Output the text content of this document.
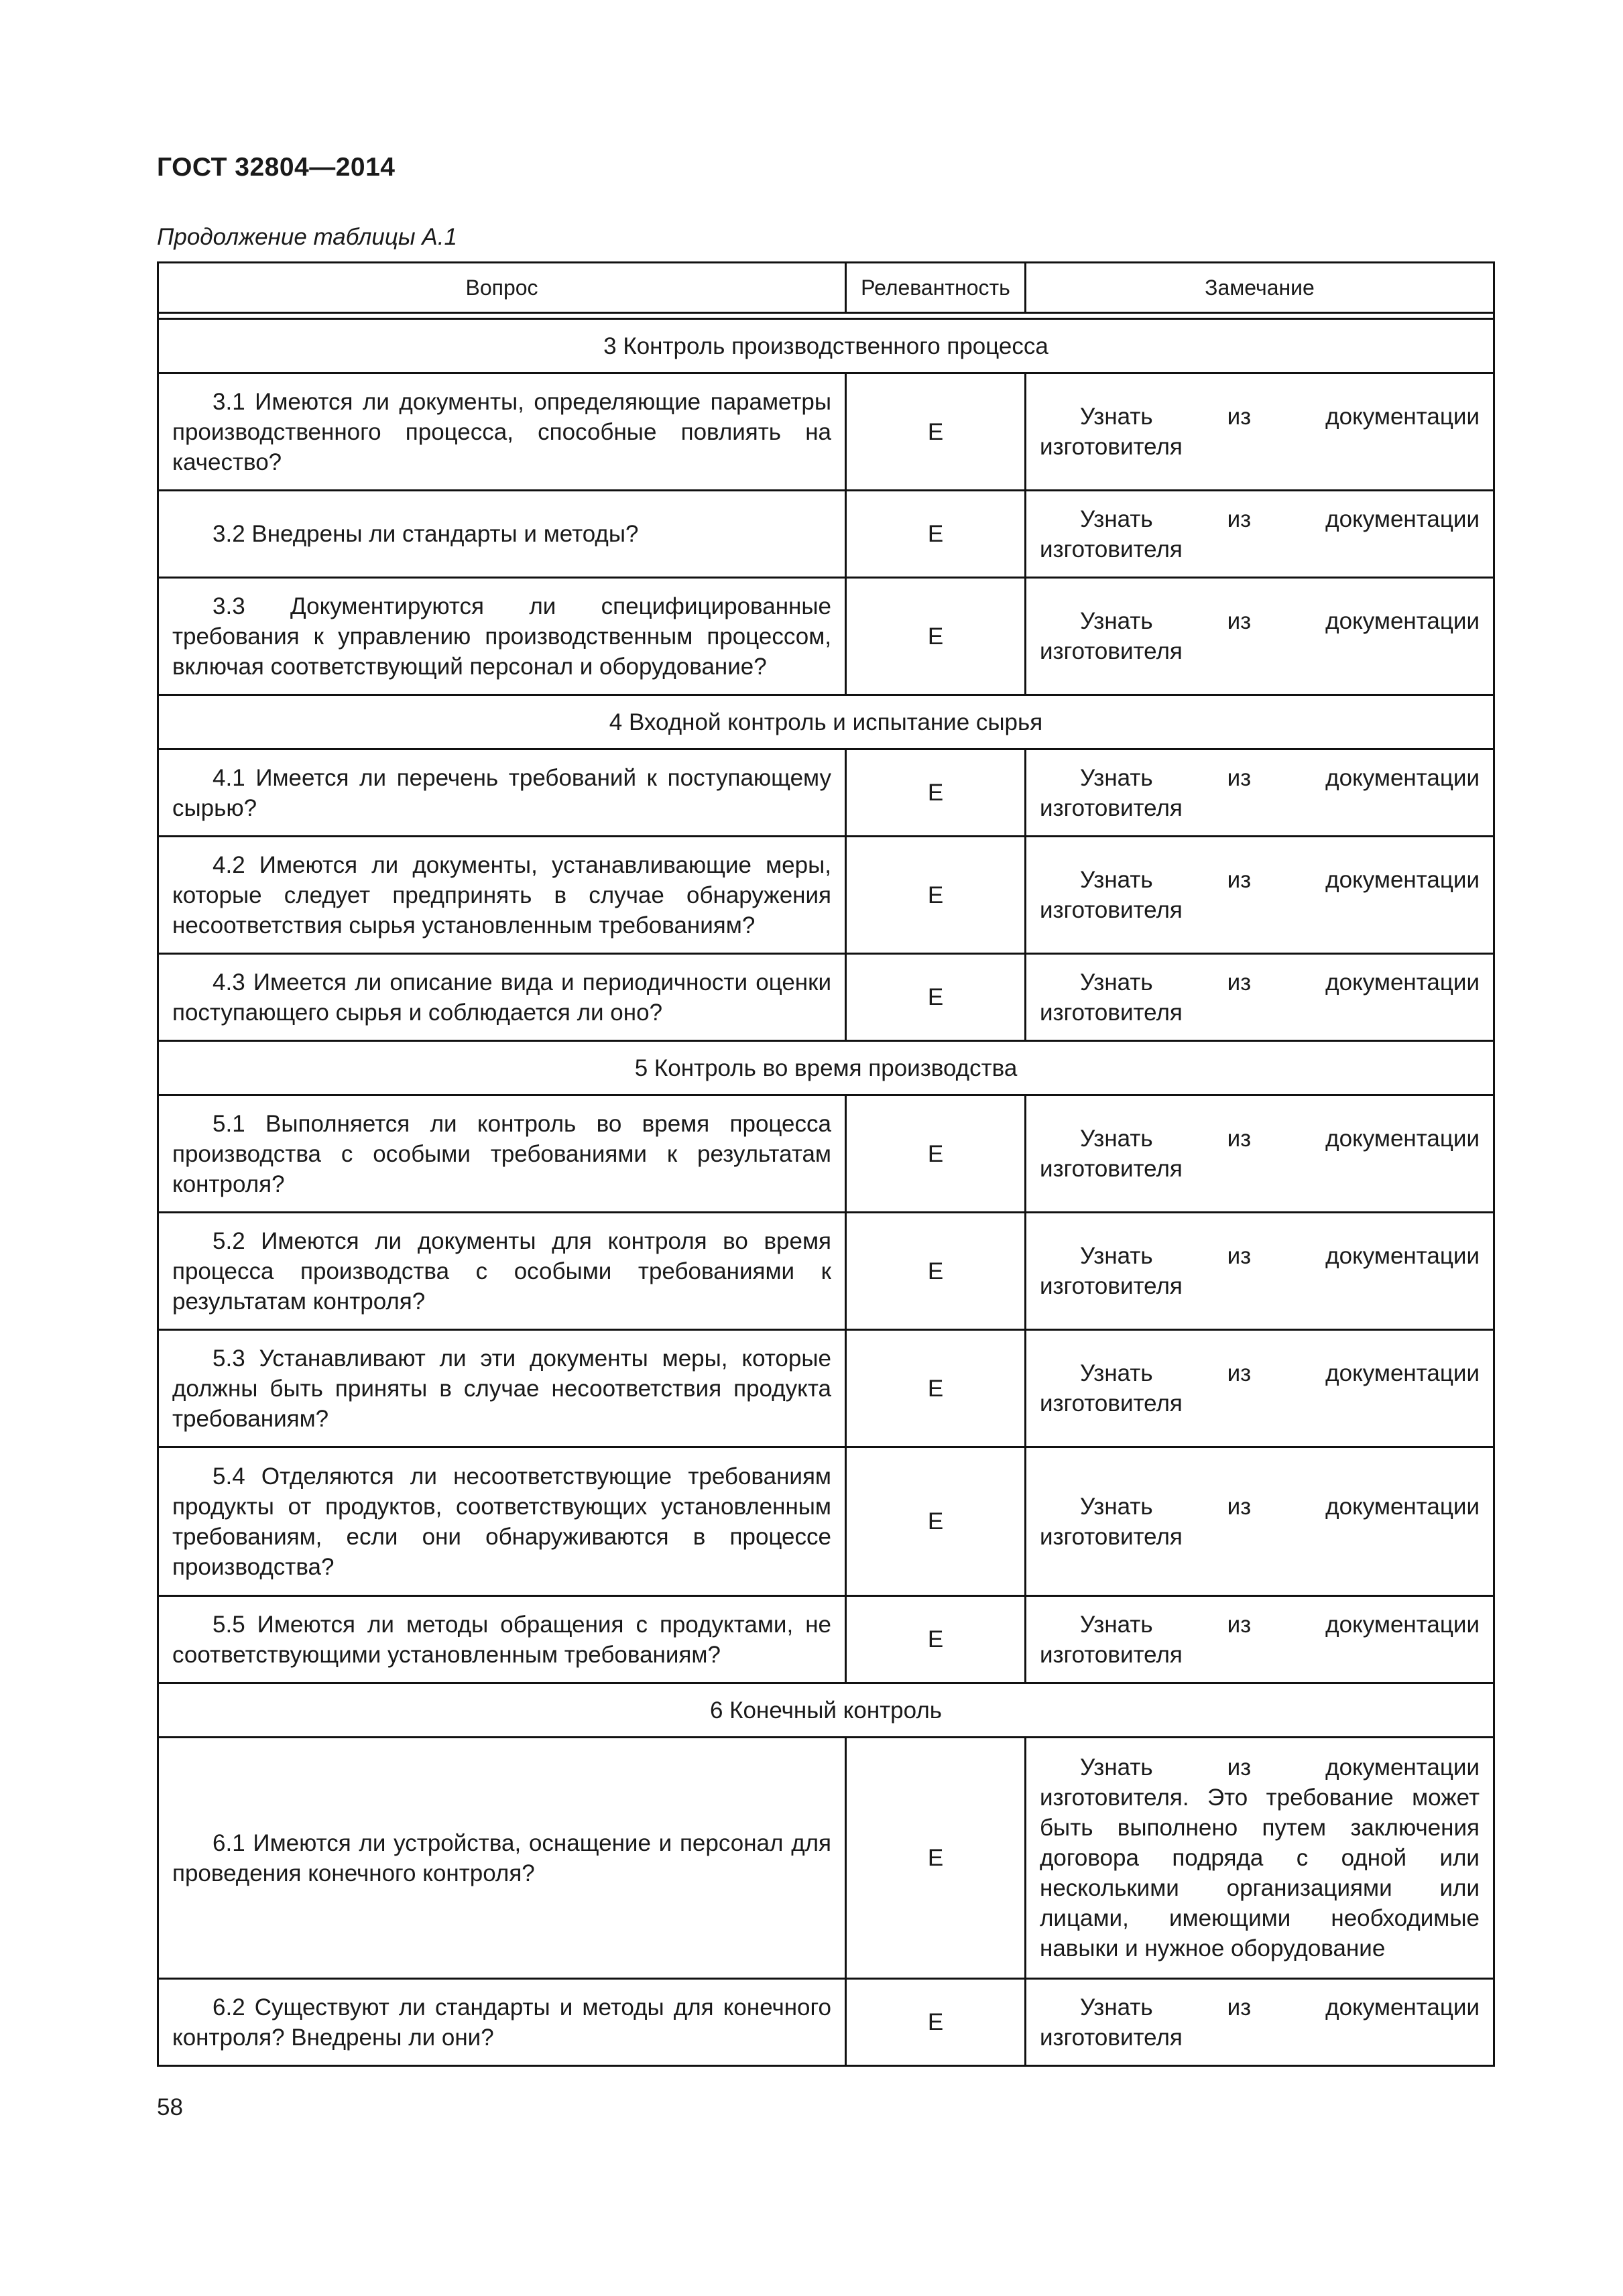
ГОСТ 32804—2014
Продолжение таблицы А.1
Вопрос	Релевантность	Замечание

3 Контроль производственного процесса		
3.1 Имеются ли документы, определяющие параметры производственного процесса, способные повлиять на качество?	Е	Узнать из документации изготовителя
3.2 Внедрены ли стандарты и методы?	Е	Узнать из документации изготовителя
3.3 Документируются ли специфицированные требования к управлению производственным процессом, включая соответствующий персонал и оборудование?	Е	Узнать из документации изготовителя
4 Входной контроль и испытание сырья		
4.1 Имеется ли перечень требований к поступающему сырью?	Е	Узнать из документации изготовителя
4.2 Имеются ли документы, устанавливающие меры, которые следует предпринять в случае обнаружения несоответствия сырья установленным требованиям?	Е	Узнать из документации изготовителя
4.3 Имеется ли описание вида и периодичности оценки поступающего сырья и соблюдается ли оно?	Е	Узнать из документации изготовителя
5 Контроль во время производства		
5.1 Выполняется ли контроль во время процесса производства с особыми требованиями к результатам контроля?	Е	Узнать из документации изготовителя
5.2 Имеются ли документы для контроля во время процесса производства с особыми требованиями к результатам контроля?	Е	Узнать из документации изготовителя
5.3 Устанавливают ли эти документы меры, которые должны быть приняты в случае несоответствия продукта требованиям?	Е	Узнать из документации изготовителя
5.4 Отделяются ли несоответствующие требованиям продукты от продуктов, соответствующих установленным требованиям, если они обнаруживаются в процессе производства?	Е	Узнать из документации изготовителя
5.5 Имеются ли методы обращения с продуктами, не соответствующими установленным требованиям?	Е	Узнать из документации изготовителя
6 Конечный контроль		
6.1 Имеются ли устройства, оснащение и персонал для проведения конечного контроля?	Е	Узнать из документации изготовителя. Это требование может быть выполнено путем заключения договора подряда с одной или несколькими организациями или лицами, имеющими необходимые навыки и нужное оборудование
6.2 Существуют ли стандарты и методы для конечного контроля? Внедрены ли они?	Е	Узнать из документации изготовителя
58
